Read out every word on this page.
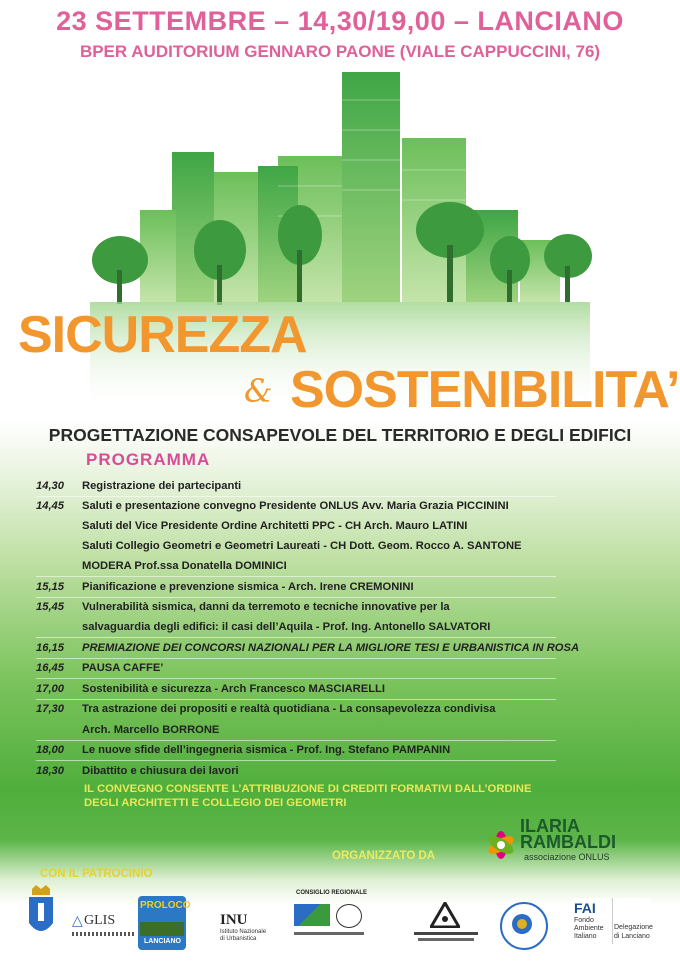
23 SETTEMBRE – 14,30/19,00 – LANCIANO
BPER AUDITORIUM GENNARO PAONE (VIALE CAPPUCCINI, 76)
SICUREZZA
& SOSTENIBILITA’
PROGETTAZIONE CONSAPEVOLE DEL TERRITORIO E DEGLI EDIFICI
PROGRAMMA
14,30 Registrazione dei partecipanti
14,45 Saluti e presentazione convegno Presidente ONLUS Avv. Maria Grazia PICCININI
Saluti del Vice Presidente Ordine Architetti PPC - CH Arch. Mauro LATINI
Saluti Collegio Geometri e Geometri Laureati - CH Dott. Geom. Rocco A. SANTONE
MODERA Prof.ssa Donatella DOMINICI
15,15 Pianificazione e prevenzione sismica - Arch. Irene CREMONINI
15,45 Vulnerabilità sismica, danni da terremoto e tecniche innovative per la
salvaguardia degli edifici: il casi dell’Aquila - Prof. Ing. Antonello SALVATORI
16,15 PREMIAZIONE DEI CONCORSI NAZIONALI PER LA MIGLIORE TESI E URBANISTICA IN ROSA
16,45 PAUSA CAFFE’
17,00 Sostenibilità e sicurezza - Arch Francesco MASCIARELLI
17,30 Tra astrazione dei propositi e realtà quotidiana - La consapevolezza condivisa
Arch. Marcello BORRONE
18,00 Le nuove sfide dell’ingegneria sismica - Prof. Ing. Stefano PAMPANIN
18,30 Dibattito e chiusura dei lavori
IL CONVEGNO CONSENTE L’ATTRIBUZIONE DI CREDITI FORMATIVI DALL’ORDINE
DEGLI ARCHITETTI E COLLEGIO DEI GEOMETRI
ORGANIZZATO DA
ILARIA
RAMBALDI
associazione ONLUS
CON IL PATROCINIO
△ GLIS
PROLOCO
LANCIANO
INU
Istituto Nazionale
di Urbanistica
CONSIGLIO REGIONALE
FAI
Fondo
Ambiente
Italiano
Delegazione
di Lanciano
